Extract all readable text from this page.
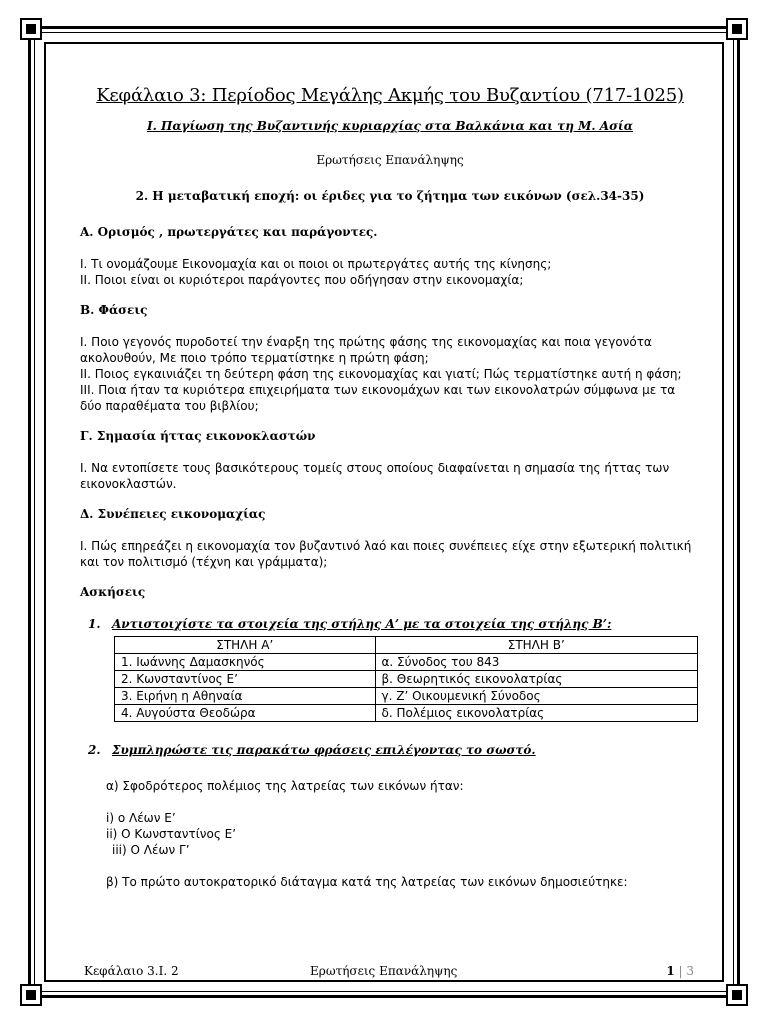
Κεφάλαιο 3: Περίοδος Μεγάλης Ακμής του Βυζαντίου (717-1025)
I. Παγίωση της Βυζαντινής κυριαρχίας στα Βαλκάνια και τη Μ. Ασία
Ερωτήσεις Επανάληψης
2. Η μεταβατική εποχή: οι έριδες για το ζήτημα των εικόνων (σελ.34-35)
Α. Ορισμός , πρωτεργάτες και παράγοντες.

I. Τι ονομάζουμε Εικονομαχία και οι ποιοι οι πρωτεργάτες αυτής της κίνησης;

II. Ποιοι είναι οι κυριότεροι παράγοντες που οδήγησαν στην εικονομαχία;

Β. Φάσεις

I. Ποιο γεγονός πυροδοτεί την έναρξη της πρώτης φάσης της εικονομαχίας και ποια γεγονότα ακολουθούν, Με ποιο τρόπο τερματίστηκε η πρώτη φάση;

II. Ποιος εγκαινιάζει τη δεύτερη φάση της εικονομαχίας και γιατί; Πώς τερματίστηκε αυτή η φάση;

III. Ποια ήταν τα κυριότερα επιχειρήματα των εικονομάχων και των εικονολατρών σύμφωνα με τα δύο παραθέματα του βιβλίου;

Γ. Σημασία ήττας εικονοκλαστών

I. Να εντοπίσετε τους βασικότερους τομείς στους οποίους διαφαίνεται η σημασία της ήττας των εικονοκλαστών.

Δ. Συνέπειες εικονομαχίας

I. Πώς επηρεάζει η εικονομαχία τον βυζαντινό λαό και ποιες συνέπειες είχε στην εξωτερική πολιτική και τον πολιτισμό (τέχνη και γράμματα);

Ασκήσεις
1. Αντιστοιχίστε τα στοιχεία της στήλης Α’ με τα στοιχεία της στήλης Β’:
ΣΤΗΛΗ Α’	ΣΤΗΛΗ Β’
1. Ιωάννης Δαμασκηνός	α. Σύνοδος του 843
2. Κωνσταντίνος Ε’	β. Θεωρητικός εικονολατρίας
3. Ειρήνη η Αθηναία	γ. Ζ’ Οικουμενική Σύνοδος
4. Αυγούστα Θεοδώρα	δ. Πολέμιος εικονολατρίας
2. Συμπληρώστε τις παρακάτω φράσεις επιλέγοντας το σωστό.

α) Σφοδρότερος πολέμιος της λατρείας των εικόνων ήταν:

i) ο Λέων Ε’

ii) Ο Κωνσταντίνος Ε’

iii) Ο Λέων Γ’

β) Το πρώτο αυτοκρατορικό διάταγμα κατά της λατρείας των εικόνων δημοσιεύτηκε:

Κεφάλαιο 3.Ι. 2	Ερωτήσεις Επανάληψης	1 | 3
